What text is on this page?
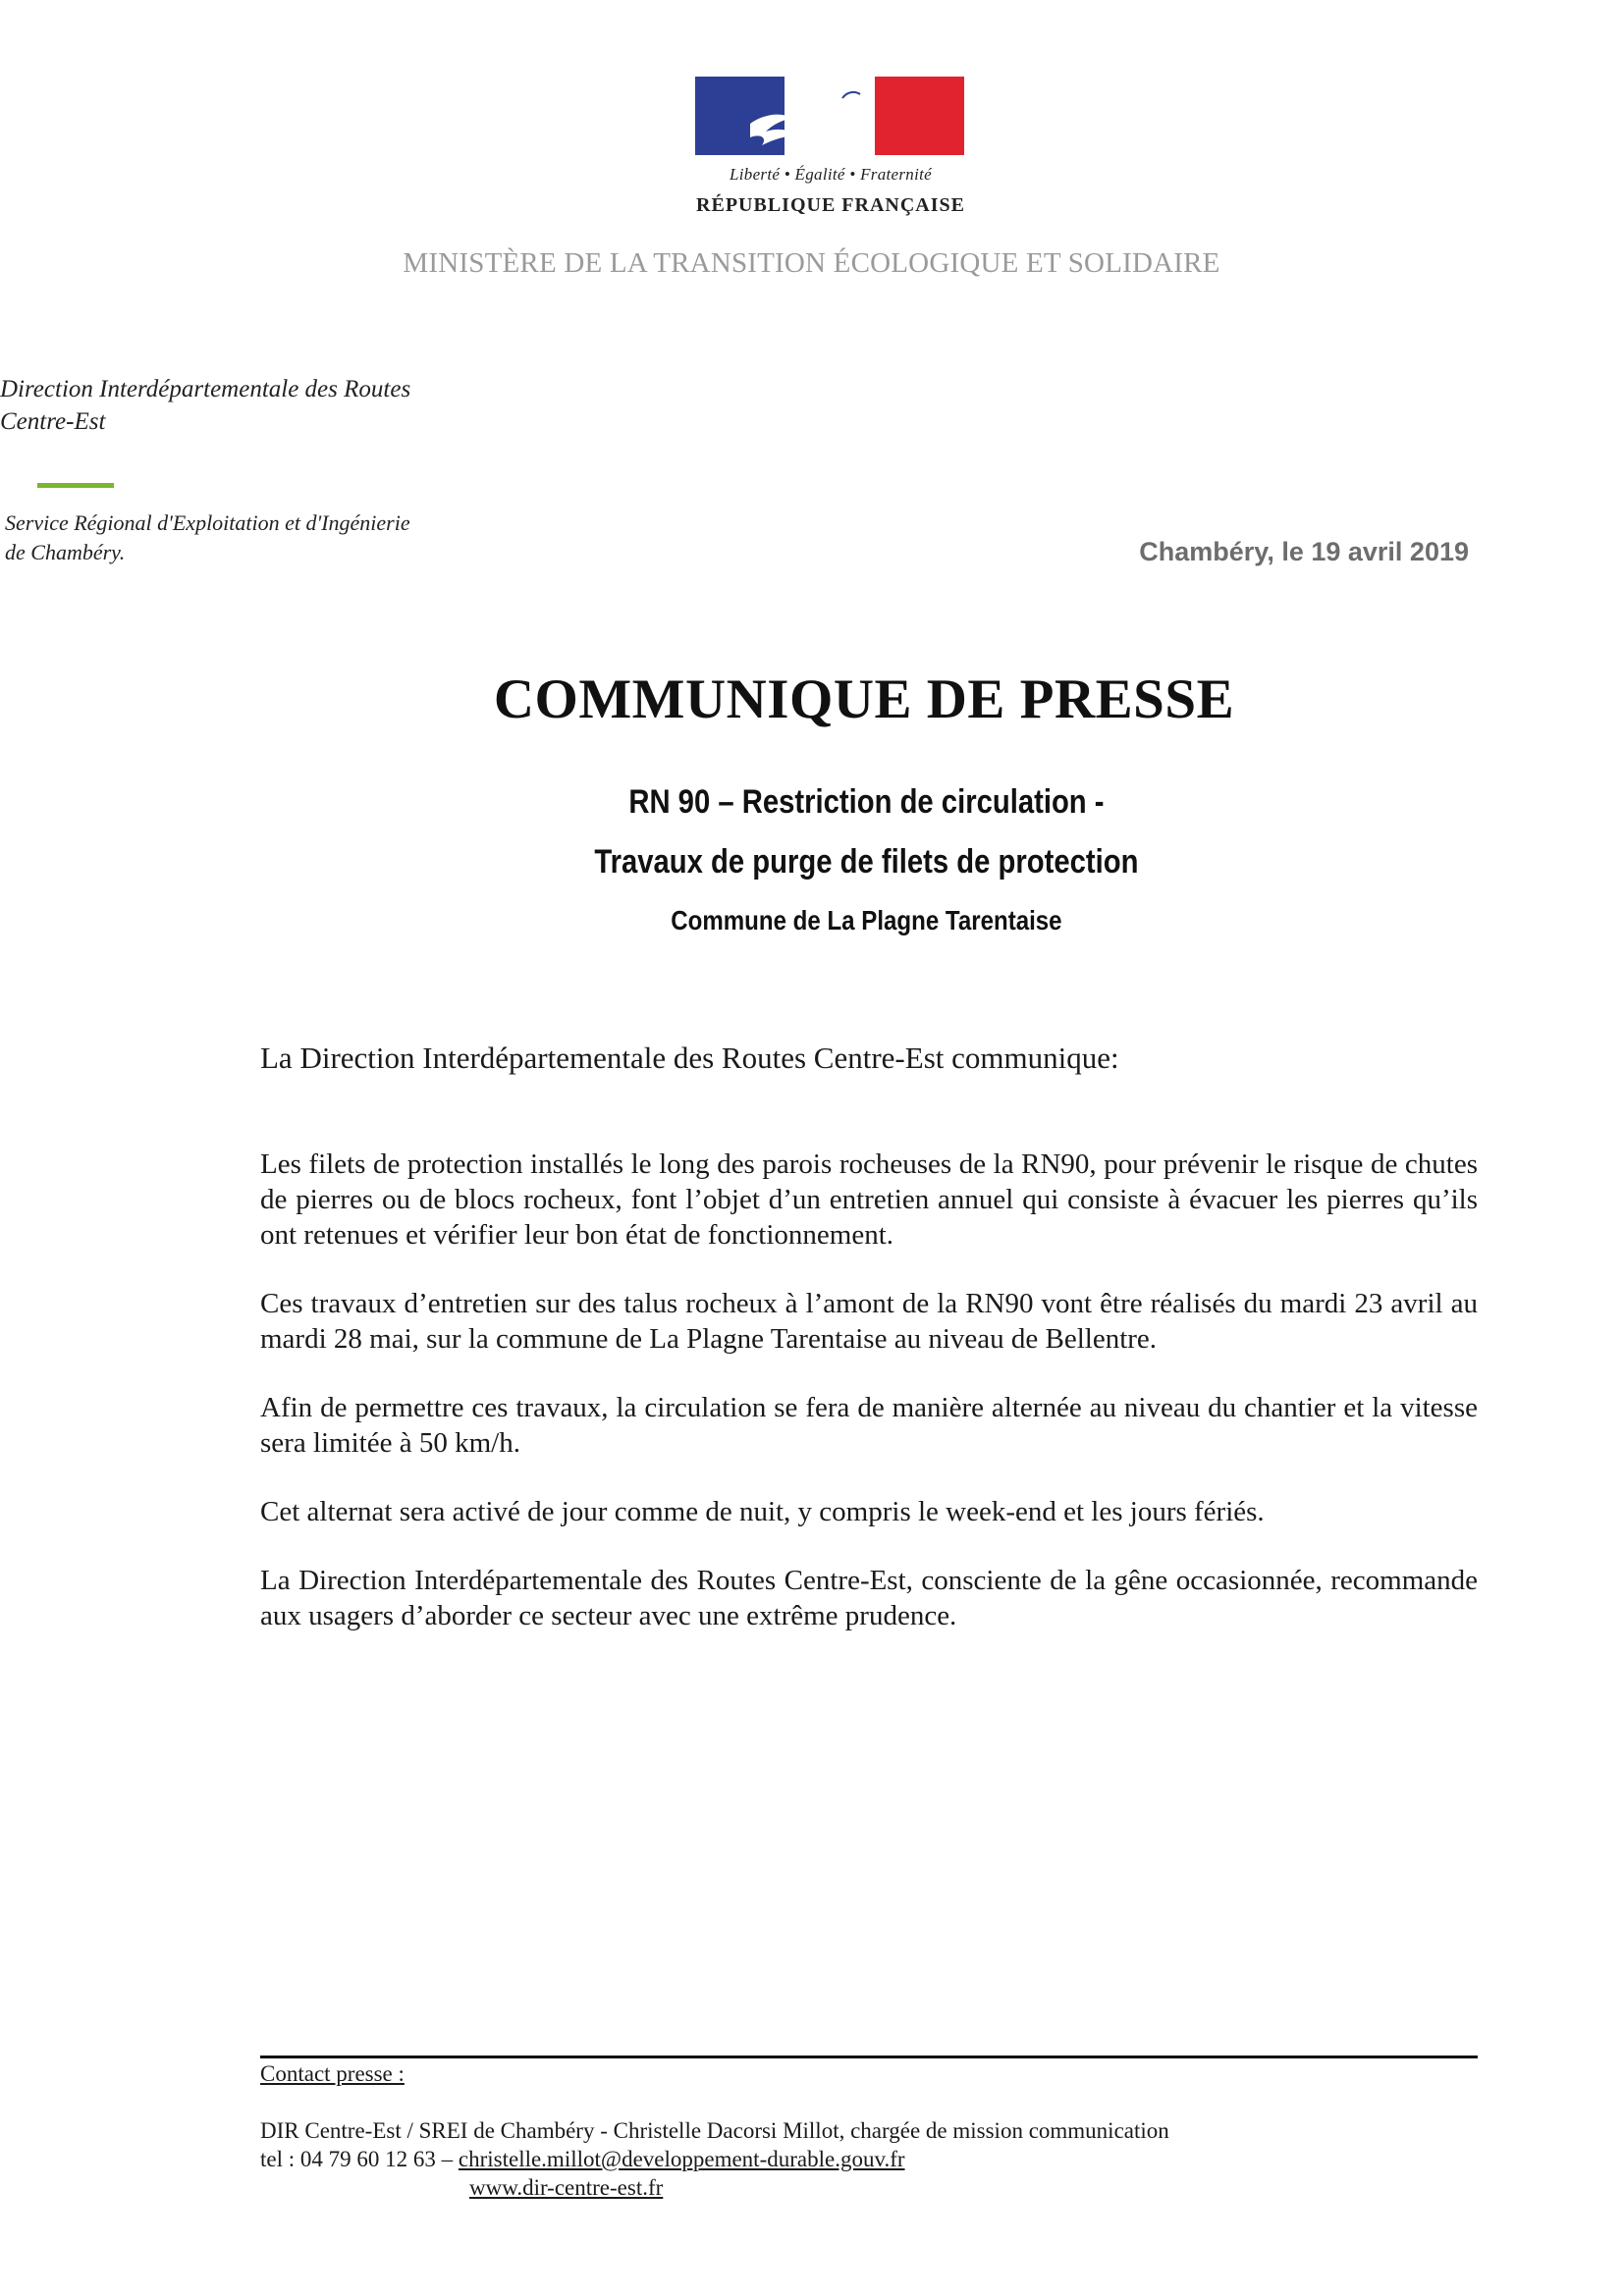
Liberté • Égalité • Fraternité
RÉPUBLIQUE FRANÇAISE
MINISTÈRE DE LA TRANSITION ÉCOLOGIQUE ET SOLIDAIRE
Direction Interdépartementale des Routes
Centre-Est
Service Régional d'Exploitation et d'Ingénierie
de Chambéry.	Chambéry, le 19 avril 2019
COMMUNIQUE DE PRESSE
RN 90 – Restriction de circulation -
Travaux de purge de filets de protection
Commune de La Plagne Tarentaise
La Direction Interdépartementale des Routes Centre-Est communique:
Les filets de protection installés le long des parois rocheuses de la RN90, pour prévenir le risque de chutes de pierres ou de blocs rocheux, font l’objet d’un entretien annuel qui consiste à évacuer les pierres qu’ils ont retenues et vérifier leur bon état de fonctionnement.
Ces travaux d’entretien sur des talus rocheux à l’amont de la RN90 vont être réalisés du mardi 23 avril au mardi 28 mai, sur la commune de La Plagne Tarentaise au niveau de Bellentre.
Afin de permettre ces travaux, la circulation se fera de manière alternée au niveau du chantier et la vitesse sera limitée à 50 km/h.
Cet alternat sera activé de jour comme de nuit, y compris le week-end et les jours fériés.
La Direction Interdépartementale des Routes Centre-Est, consciente de la gêne occasionnée, recommande aux usagers d’aborder ce secteur avec une extrême prudence.
Contact presse :
DIR Centre-Est / SREI de Chambéry - Christelle Dacorsi Millot, chargée de mission communication
tel : 04 79 60 12 63 – christelle.millot@developpement-durable.gouv.fr
www.dir-centre-est.fr
